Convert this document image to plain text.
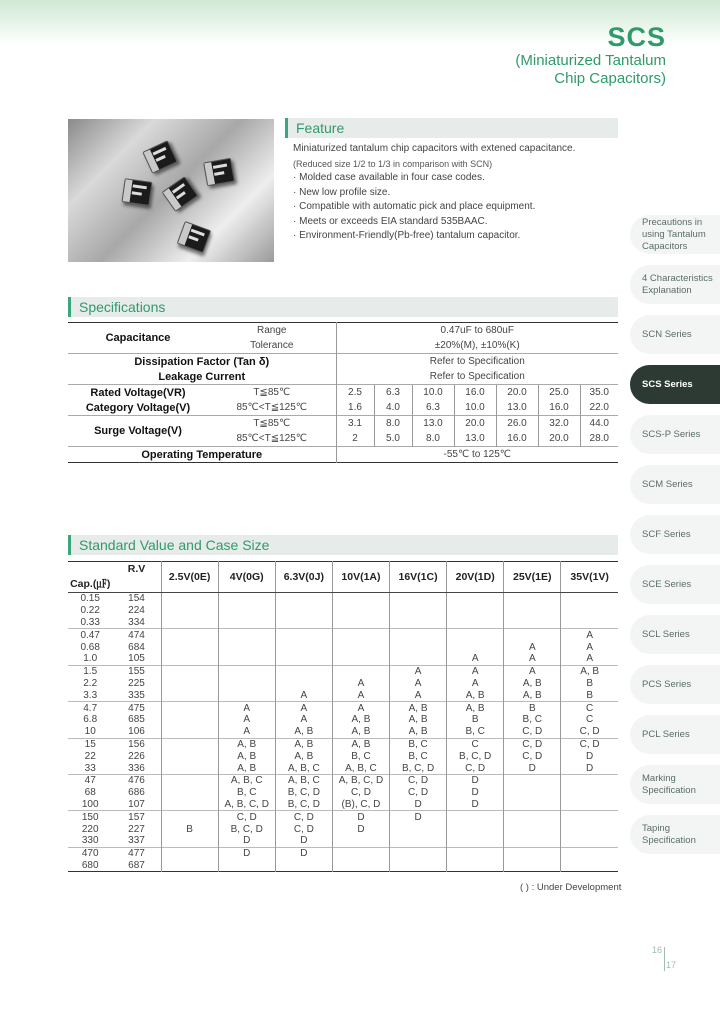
SCS
(Miniaturized Tantalum
Chip Capacitors)
Feature
Miniaturized tantalum chip capacitors with extened capacitance.
(Reduced size 1/2 to 1/3 in comparison with SCN)
· Molded case available in four case codes.
· New low profile size.
· Compatible with automatic pick and place equipment.
· Meets or exceeds EIA standard 535BAAC.
· Environment-Friendly(Pb-free) tantalum capacitor.
Specifications
Capacitance	Range	0.47uF to 680uF						
	Tolerance	±20%(M), ±10%(K)						
Dissipation Factor (Tan δ)		Refer to Specification						
Leakage Current		Refer to Specification						
Rated Voltage(VR)	T≦85℃	2.5	6.3	10.0	16.0	20.0	25.0	35.0
Category Voltage(V)	85℃<T≦125℃	1.6	4.0	6.3	10.0	13.0	16.0	22.0
Surge Voltage(V)	T≦85℃	3.1	8.0	13.0	20.0	26.0	32.0	44.0
	85℃<T≦125℃	2	5.0	8.0	13.0	16.0	20.0	28.0
Operating Temperature		-55℃ to 125℃						
Standard Value and Case Size
Cap.(㎌)	R.V	2.5V(0E)	4V(0G)	6.3V(0J)	10V(1A)	16V(1C)	20V(1D)	25V(1E)	35V(1V)
0.15	154								
0.22	224								
0.33	334								
0.47	474								A
0.68	684							A	A
1.0	105						A	A	A
1.5	155					A	A	A	A, B
2.2	225				A	A	A	A, B	B
3.3	335			A	A	A	A, B	A, B	B
4.7	475		A	A	A	A, B	A, B	B	C
6.8	685		A	A	A, B	A, B	B	B, C	C
10	106		A	A, B	A, B	A, B	B, C	C, D	C, D
15	156		A, B	A, B	A, B	B, C	C	C, D	C, D
22	226		A, B	A, B	B, C	B, C	B, C, D	C, D	D
33	336		A, B	A, B, C	A, B, C	B, C, D	C, D	D	D
47	476		A, B, C	A, B, C	A, B, C, D	C, D	D		
68	686		B, C	B, C, D	C, D	C, D	D		
100	107		A, B, C, D	B, C, D	(B), C, D	D	D		
150	157		C, D	C, D	D	D			
220	227	B	B, C, D	C, D	D				
330	337		D	D					
470	477		D	D					
680	687								
( ) : Under Development
Precautions in using Tantalum Capacitors
4 Characteristics Explanation
SCN Series
SCS Series
SCS-P Series
SCM Series
SCF Series
SCE Series
SCL Series
PCS Series
PCL Series
Marking Specification
Taping Specification
16
17
